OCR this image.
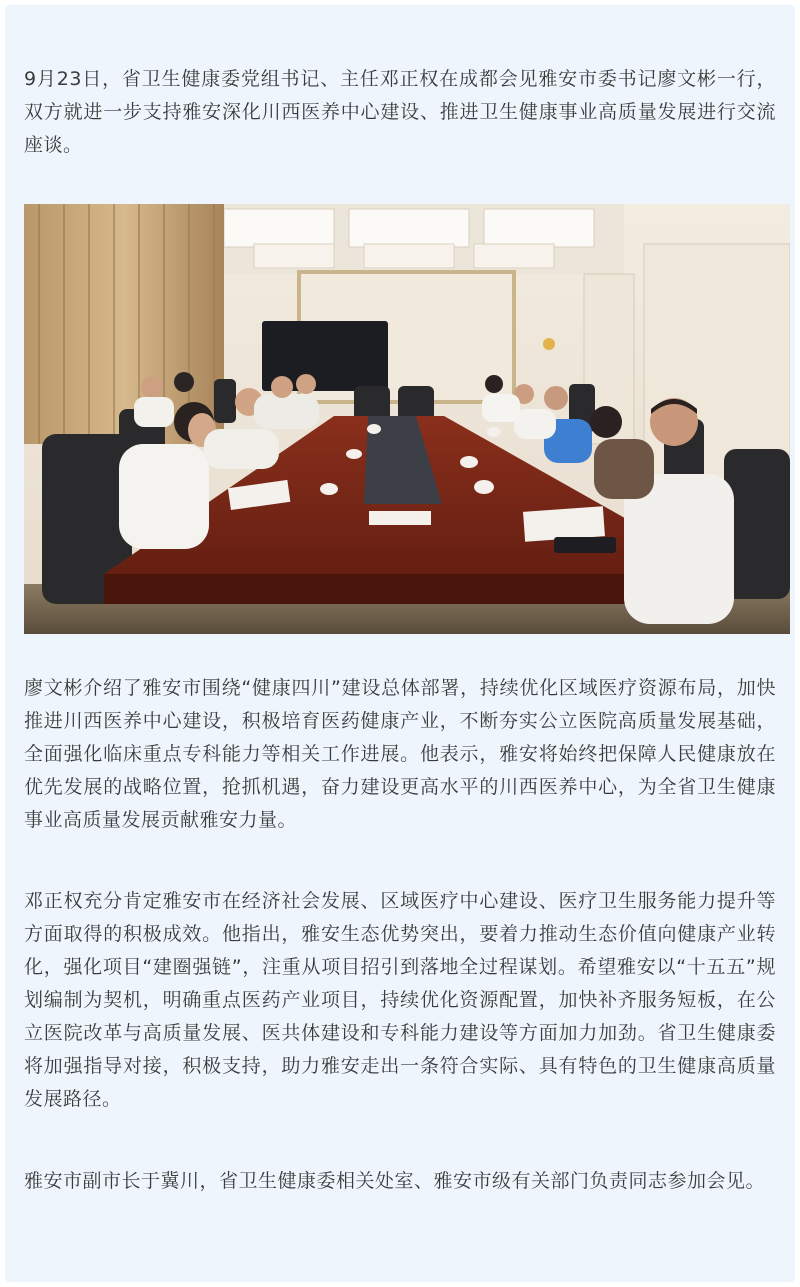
9月23日，省卫生健康委党组书记、主任邓正权在成都会见雅安市委书记廖文彬一行，双方就进一步支持雅安深化川西医养中心建设、推进卫生健康事业高质量发展进行交流座谈。

廖文彬介绍了雅安市围绕“健康四川”建设总体部署，持续优化区域医疗资源布局，加快推进川西医养中心建设，积极培育医药健康产业，不断夯实公立医院高质量发展基础，全面强化临床重点专科能力等相关工作进展。他表示，雅安将始终把保障人民健康放在优先发展的战略位置，抢抓机遇，奋力建设更高水平的川西医养中心，为全省卫生健康事业高质量发展贡献雅安力量。

邓正权充分肯定雅安市在经济社会发展、区域医疗中心建设、医疗卫生服务能力提升等方面取得的积极成效。他指出，雅安生态优势突出，要着力推动生态价值向健康产业转化，强化项目“建圈强链”，注重从项目招引到落地全过程谋划。希望雅安以“十五五”规划编制为契机，明确重点医药产业项目，持续优化资源配置，加快补齐服务短板，在公立医院改革与高质量发展、医共体建设和专科能力建设等方面加力加劲。省卫生健康委将加强指导对接，积极支持，助力雅安走出一条符合实际、具有特色的卫生健康高质量发展路径。

雅安市副市长于冀川，省卫生健康委相关处室、雅安市级有关部门负责同志参加会见。
